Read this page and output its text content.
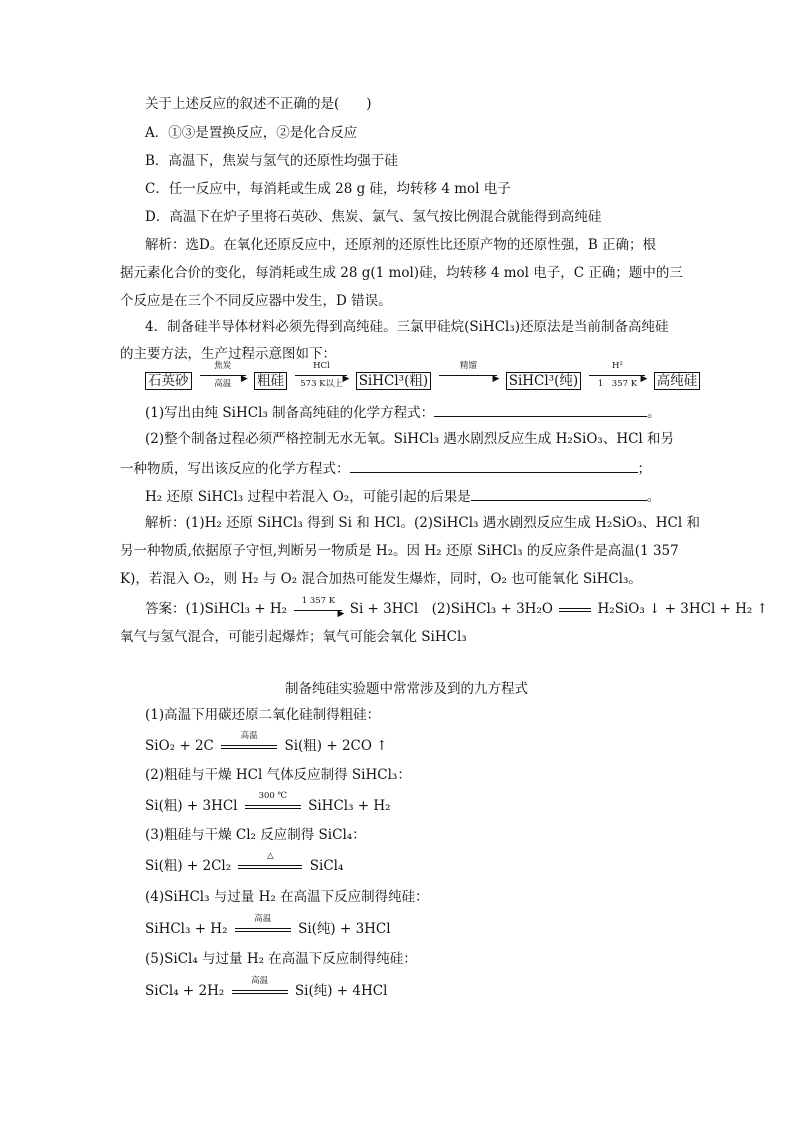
关于上述反应的叙述不正确的是(　　)
A．①③是置换反应，②是化合反应
B．高温下，焦炭与氢气的还原性均强于硅
C．任一反应中，每消耗或生成 28 g 硅，均转移 4 mol 电子
D．高温下在炉子里将石英砂、焦炭、氯气、氢气按比例混合就能得到高纯硅
解析：选D。在氧化还原反应中，还原剂的还原性比还原产物的还原性强，B 正确；根
据元素化合价的变化，每消耗或生成 28 g(1 mol)硅，均转移 4 mol 电子，C 正确；题中的三
个反应是在三个不同反应器中发生，D 错误。
4．制备硅半导体材料必须先得到高纯硅。三氯甲硅烷(SiHCl₃)还原法是当前制备高纯硅
的主要方法，生产过程示意图如下：
石英砂
焦炭
▶
高温	粗硅
HCl
▶
573 K以上	SiHCl³(粗)
精馏
▶ SiHCl³(纯)
H²
▶
1　357 K	高纯硅
(1)写出由纯 SiHCl₃ 制备高纯硅的化学方程式：	。
(2)整个制备过程必须严格控制无水无氧。SiHCl₃ 遇水剧烈反应生成 H₂SiO₃、HCl 和另
一种物质，写出该反应的化学方程式：	；
H₂ 还原 SiHCl₃ 过程中若混入 O₂，可能引起的后果是	。
解析：(1)H₂ 还原 SiHCl₃ 得到 Si 和 HCl。(2)SiHCl₃ 遇水剧烈反应生成 H₂SiO₃、HCl 和
另一种物质,依据原子守恒,判断另一物质是 H₂。因 H₂ 还原 SiHCl₃ 的反应条件是高温(1 357
K)，若混入 O₂，则 H₂ 与 O₂ 混合加热可能发生爆炸，同时，O₂ 也可能氧化 SiHCl₃。
答案：(1)SiHCl₃ + H₂
1 357 K
▶ Si + 3HCl　(2)SiHCl₃ + 3H₂O	H₂SiO₃ ↓ + 3HCl + H₂ ↑
氧气与氢气混合，可能引起爆炸；氧气可能会氧化 SiHCl₃
制备纯硅实验题中常常涉及到的九方程式
(1)高温下用碳还原二氧化硅制得粗硅：
SiO₂ + 2C
高温
Si(粗) + 2CO ↑
(2)粗硅与干燥 HCl 气体反应制得 SiHCl₃：
Si(粗) + 3HCl
300 ℃
SiHCl₃ + H₂
(3)粗硅与干燥 Cl₂ 反应制得 SiCl₄：
Si(粗) + 2Cl₂
△
SiCl₄
(4)SiHCl₃ 与过量 H₂ 在高温下反应制得纯硅：
SiHCl₃ + H₂
高温
Si(纯) + 3HCl
(5)SiCl₄ 与过量 H₂ 在高温下反应制得纯硅：
SiCl₄ + 2H₂
高温
Si(纯) + 4HCl
